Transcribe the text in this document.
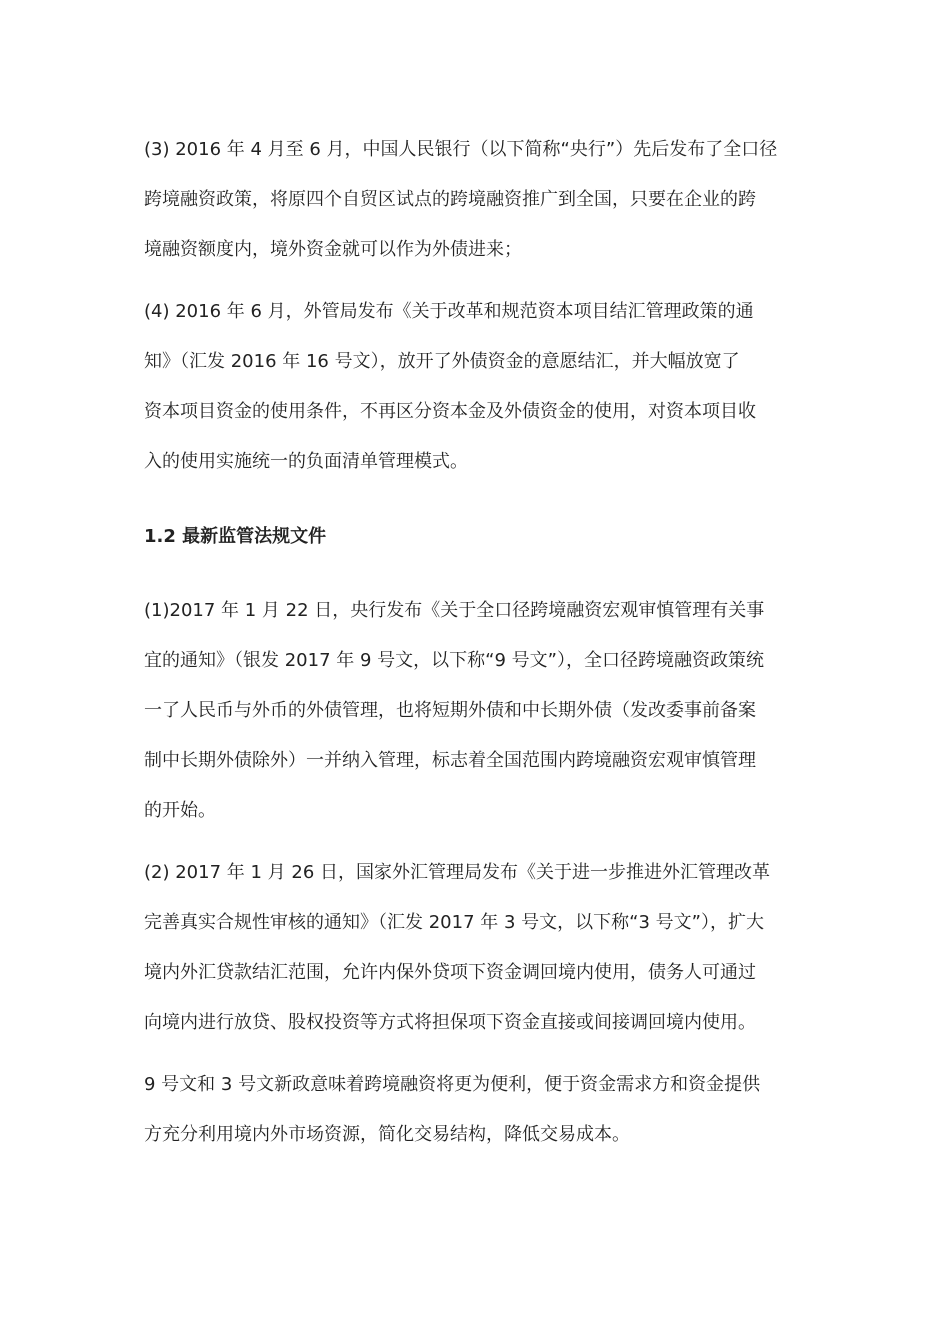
(3) 2016 年 4 月至 6 月，中国人民银行（以下简称“央行”）先后发布了全口径
跨境融资政策，将原四个自贸区试点的跨境融资推广到全国，只要在企业的跨
境融资额度内，境外资金就可以作为外债进来；
(4) 2016 年 6 月，外管局发布《关于改革和规范资本项目结汇管理政策的通
知》（汇发 2016 年 16 号文），放开了外债资金的意愿结汇，并大幅放宽了
资本项目资金的使用条件，不再区分资本金及外债资金的使用，对资本项目收
入的使用实施统一的负面清单管理模式。
1.2 最新监管法规文件
(1)2017 年 1 月 22 日，央行发布《关于全口径跨境融资宏观审慎管理有关事
宜的通知》（银发 2017 年 9 号文，以下称“9 号文”），全口径跨境融资政策统
一了人民币与外币的外债管理，也将短期外债和中长期外债（发改委事前备案
制中长期外债除外）一并纳入管理，标志着全国范围内跨境融资宏观审慎管理
的开始。
(2) 2017 年 1 月 26 日，国家外汇管理局发布《关于进一步推进外汇管理改革
完善真实合规性审核的通知》（汇发 2017 年 3 号文，以下称“3 号文”），扩大
境内外汇贷款结汇范围，允许内保外贷项下资金调回境内使用，债务人可通过
向境内进行放贷、股权投资等方式将担保项下资金直接或间接调回境内使用。
9 号文和 3 号文新政意味着跨境融资将更为便利，便于资金需求方和资金提供
方充分利用境内外市场资源，简化交易结构，降低交易成本。
